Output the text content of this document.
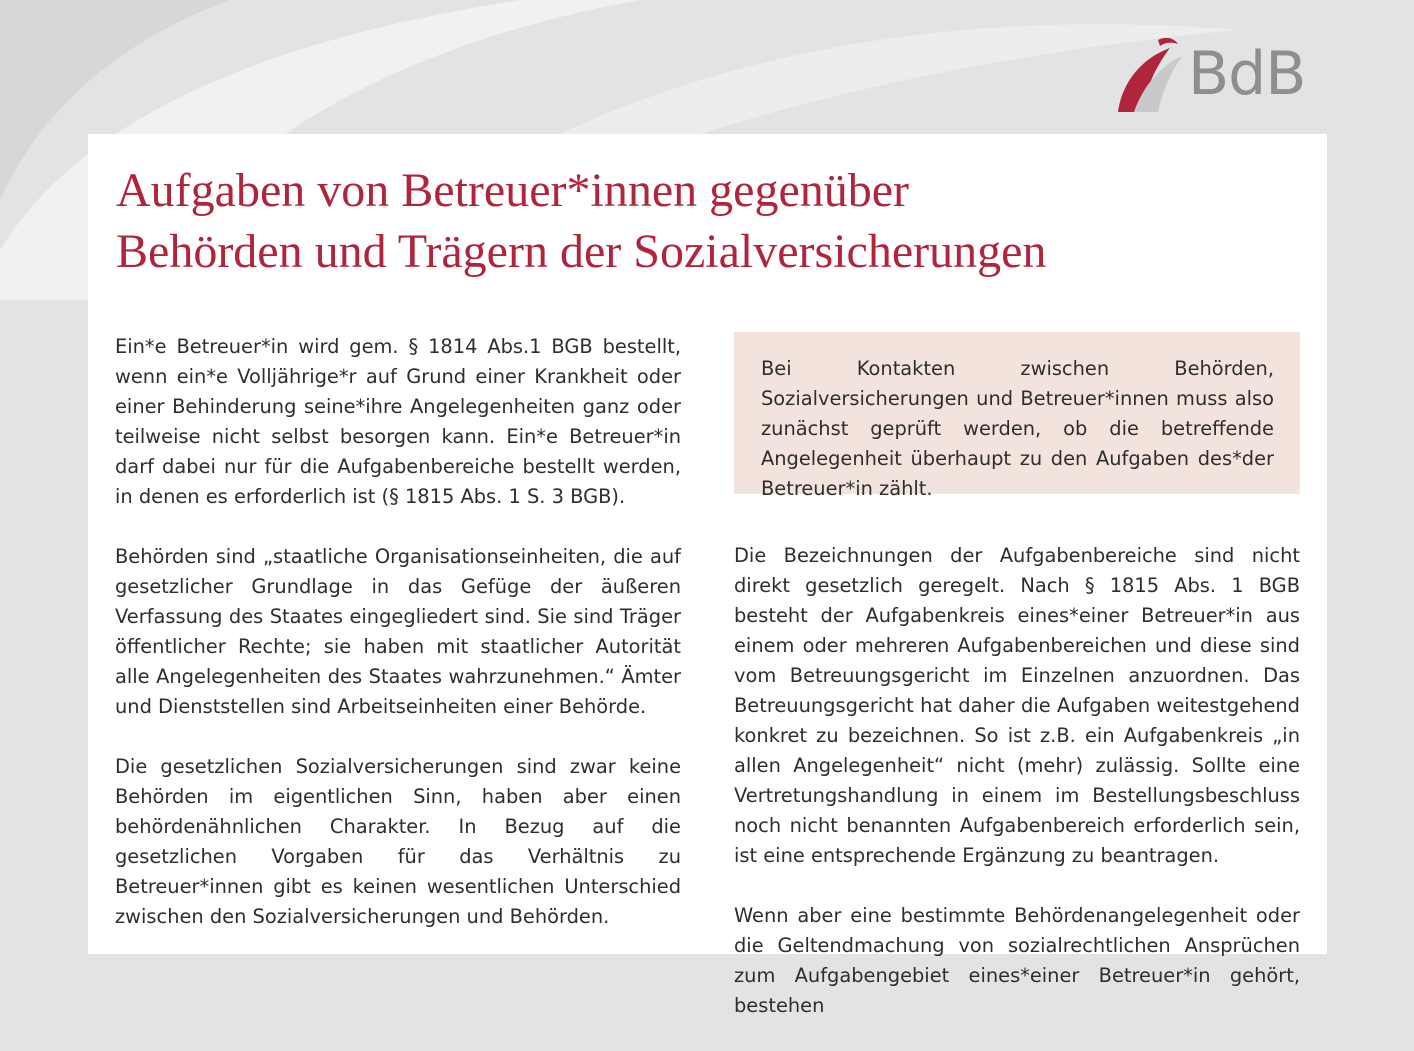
BdB
Aufgaben von Betreuer*innen gegenüber
Behörden und Trägern der Sozialversicherungen

Ein*e Betreuer*in wird gem. § 1814 Abs.1 BGB bestellt, wenn ein*e Volljährige*r auf Grund einer Krankheit oder einer Behinderung seine*ihre Angelegenheiten ganz oder teilweise nicht selbst besorgen kann. Ein*e Betreuer*in darf dabei nur für die Aufgabenbereiche bestellt werden, in denen es erforderlich ist (§ 1815 Abs. 1 S. 3 BGB).

Behörden sind „staatliche Organisationseinheiten, die auf gesetzlicher Grundlage in das Gefüge der äußeren Verfassung des Staates eingegliedert sind. Sie sind Träger öffentlicher Rechte; sie haben mit staatlicher Autorität alle Angelegenheiten des Staates wahrzunehmen.“ Ämter und Dienststellen sind Arbeitseinheiten einer Behörde.

Die gesetzlichen Sozialversicherungen sind zwar keine Behörden im eigentlichen Sinn, haben aber einen behördenähnlichen Charakter. In Bezug auf die gesetzlichen Vorgaben für das Verhältnis zu Betreuer*innen gibt es keinen wesentlichen Unterschied zwischen den Sozialversicherungen und Behörden.

Bei Kontakten zwischen Behörden, Sozialversicherungen und Betreuer*innen muss also zunächst geprüft werden, ob die betreffende Angelegenheit überhaupt zu den Aufgaben des*der Betreuer*in zählt.

Die Bezeichnungen der Aufgabenbereiche sind nicht direkt gesetzlich geregelt. Nach § 1815 Abs. 1 BGB besteht der Aufgabenkreis eines*einer Betreuer*in aus einem oder mehreren Aufgabenbereichen und diese sind vom Betreuungsgericht im Einzelnen anzuordnen. Das Betreuungsgericht hat daher die Aufgaben weitestgehend konkret zu bezeichnen. So ist z.B. ein Aufgabenkreis „in allen Angelegenheit“ nicht (mehr) zulässig. Sollte eine Vertretungshandlung in einem im Bestellungsbeschluss noch nicht benannten Aufgabenbereich erforderlich sein, ist eine entsprechende Ergänzung zu beantragen.

Wenn aber eine bestimmte Behördenangelegenheit oder die Geltendmachung von sozialrechtlichen Ansprüchen zum Aufgabengebiet eines*einer Betreuer*in gehört, bestehen
